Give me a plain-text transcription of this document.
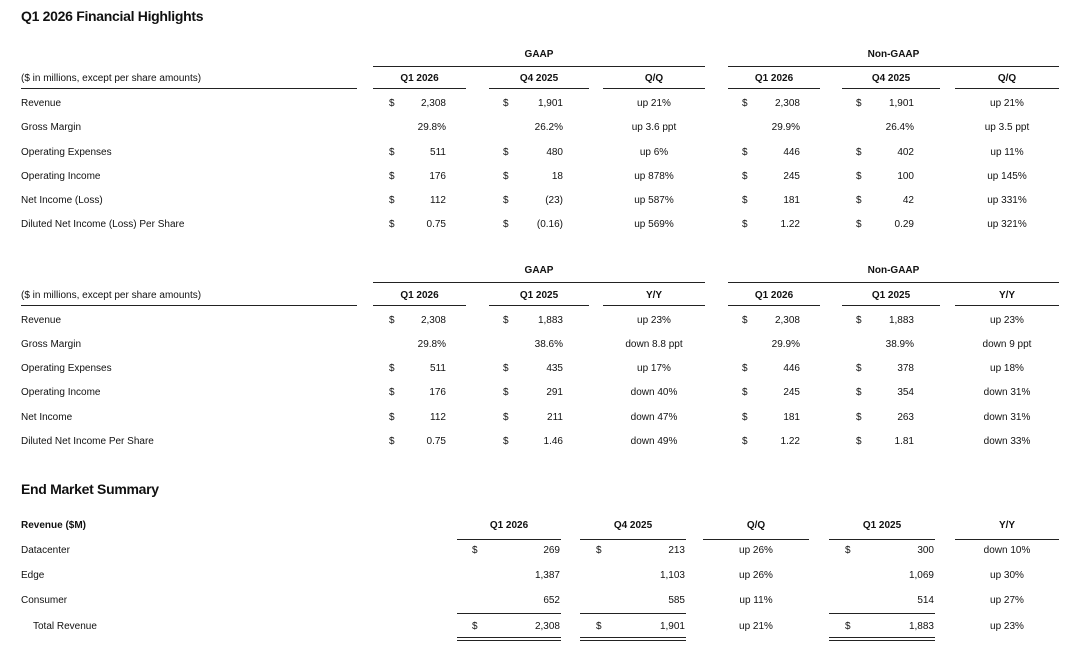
Q1 2026 Financial Highlights
End Market Summary
GAAP	Non-GAAP
($ in millions, except per share amounts)	Q1 2026	Q4 2025	Q/Q	Q1 2026	Q4 2025	Q/Q
Revenue	$	2,308	$	1,901	up 21%	$	2,308	$	1,901	up 21%
Gross Margin	29.8%	26.2%	up 3.6 ppt	29.9%	26.4%	up 3.5 ppt
Operating Expenses	$	511	$	480	up 6%	$	446	$	402	up 11%
Operating Income	$	176	$	18	up 878%	$	245	$	100	up 145%
Net Income (Loss)	$	112	$	(23)	up 587%	$	181	$	42	up 331%
Diluted Net Income (Loss) Per Share	$	0.75	$	(0.16)	up 569%	$	1.22	$	0.29	up 321%
GAAP	Non-GAAP
($ in millions, except per share amounts)	Q1 2026	Q1 2025	Y/Y	Q1 2026	Q1 2025	Y/Y
Revenue	$	2,308	$	1,883	up 23%	$	2,308	$	1,883	up 23%
Gross Margin	29.8%	38.6%	down 8.8 ppt	29.9%	38.9%	down 9 ppt
Operating Expenses	$	511	$	435	up 17%	$	446	$	378	up 18%
Operating Income	$	176	$	291	down 40%	$	245	$	354	down 31%
Net Income	$	112	$	211	down 47%	$	181	$	263	down 31%
Diluted Net Income Per Share	$	0.75	$	1.46	down 49%	$	1.22	$	1.81	down 33%
Revenue ($M)	Q1 2026	Q4 2025	Q/Q	Q1 2025	Y/Y
Datacenter	$	269	$	213	up 26%	$	300	down 10%
Edge	1,387	1,103	up 26%	1,069	up 30%
Consumer	652	585	up 11%	514	up 27%
Total Revenue	$	2,308	$	1,901	up 21%	$	1,883	up 23%
